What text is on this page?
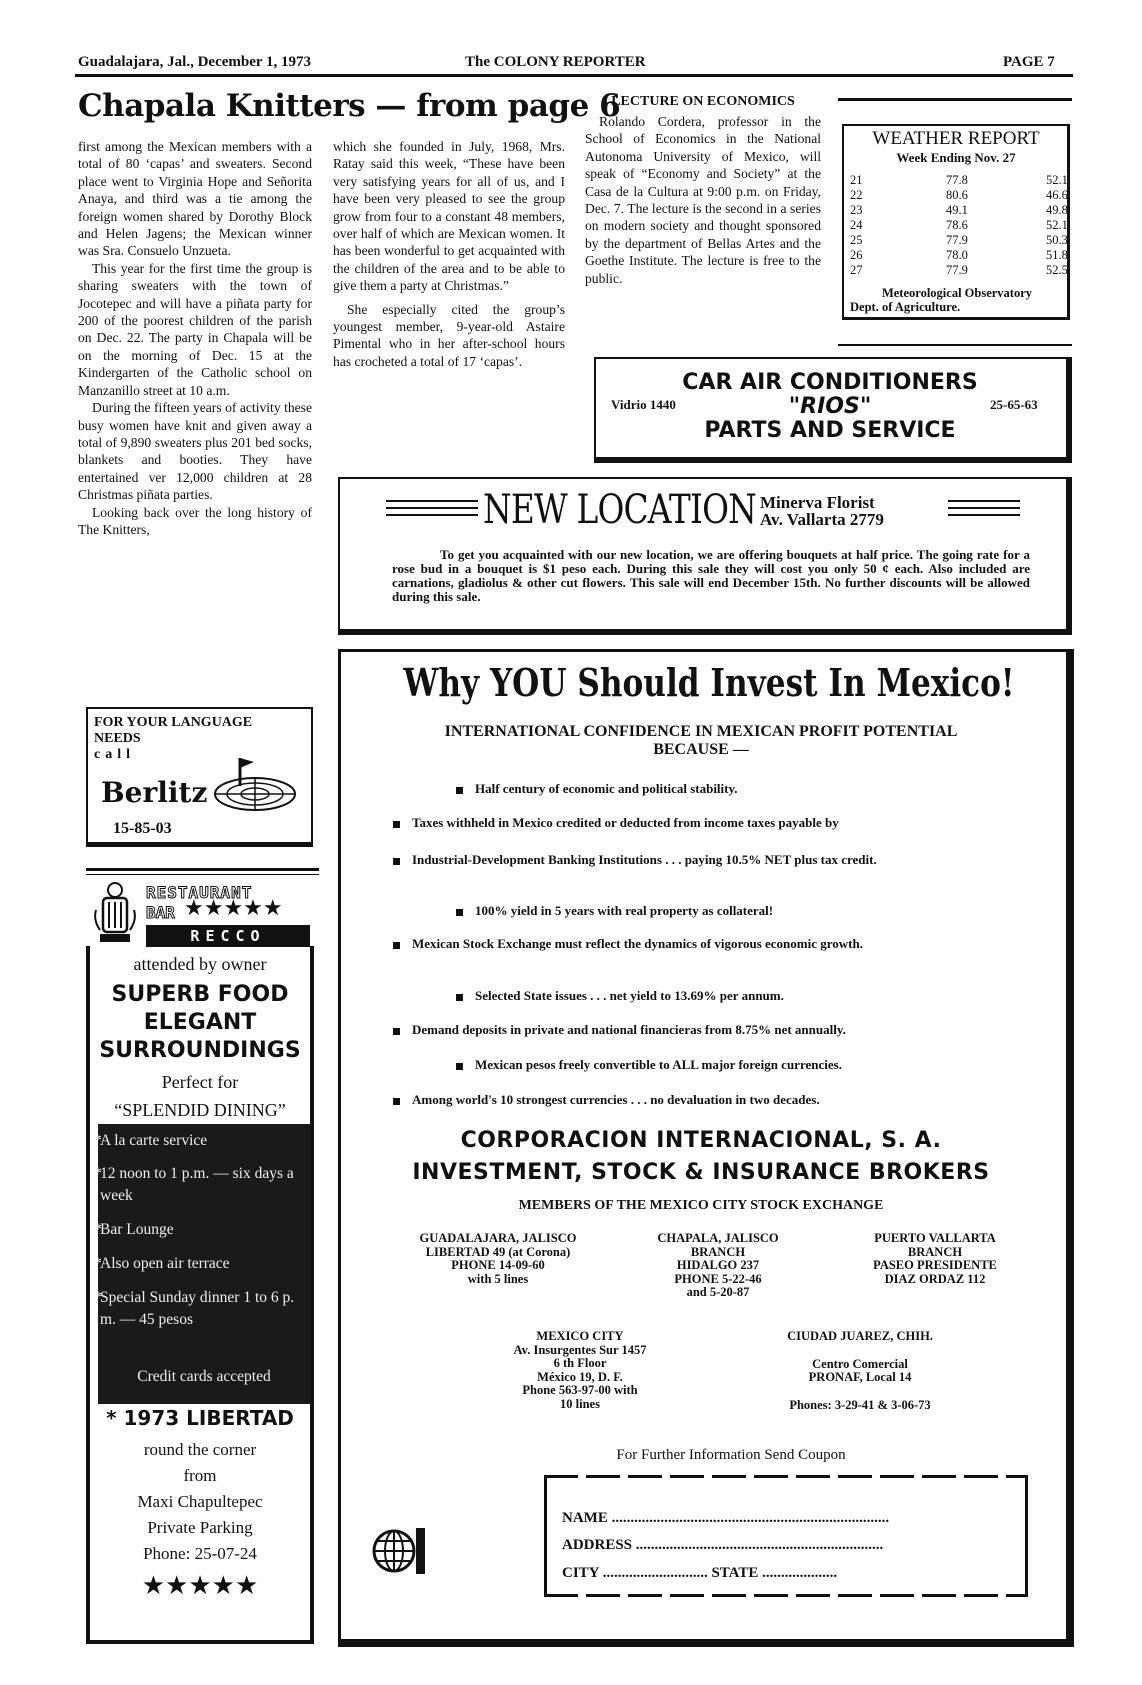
Guadalajara, Jal., December 1, 1973	The COLONY REPORTER	PAGE 7
Chapala Knitters — from page 6

first among the Mexican members with a total of 80 ‘capas’ and sweaters. Second place went to Virginia Hope and Señorita Anaya, and third was a tie among the foreign women shared by Dorothy Block and Helen Jagens; the Mexican winner was Sra. Consuelo Unzueta.

This year for the first time the group is sharing sweaters with the town of Jocotepec and will have a piñata party for 200 of the poorest children of the parish on Dec. 22. The party in Chapala will be on the morning of Dec. 15 at the Kindergarten of the Catholic school on Manzanillo street at 10 a.m.

During the fifteen years of activity these busy women have knit and given away a total of 9,890 sweaters plus 201 bed socks, blankets and booties. They have entertained ver 12,000 children at 28 Christmas piñata parties.

Looking back over the long history of The Knitters,

which she founded in July, 1968, Mrs. Ratay said this week, “These have been very satisfying years for all of us, and I have been very pleased to see the group grow from four to a constant 48 members, over half of which are Mexican women. It has been wonderful to get acquainted with the children of the area and to be able to give them a party at Christmas.”

She especially cited the group’s youngest member, 9-year-old Astaire Pimental who in her after-school hours has crocheted a total of 17 ‘capas’.

LECTURE ON ECONOMICS
Rolando Cordera, professor in the School of Economics in the National Autonoma University of Mexico, will speak of “Economy and Society” at the Casa de la Cultura at 9:00 p.m. on Friday, Dec. 7. The lecture is the second in a series on modern society and thought sponsored by the department of Bellas Artes and the Goethe Institute. The lecture is free to the public.
WEATHER REPORT
Week Ending Nov. 27
21	77.8	52.1
22	80.6	46.6
23	49.1	49.8
24	78.6	52.1
25	77.9	50.3
26	78.0	51.8
27	77.9	52.5
Meteorological Observatory
Dept. of Agriculture.
CAR AIR CONDITIONERS
Vidrio 1440	"RIOS"	25-65-63
PARTS AND SERVICE
NEW LOCATION Minerva Florist
Av. Vallarta 2779
To get you acquainted with our new location, we are offering bouquets at half price. The going rate for a rose bud in a bouquet is $1 peso each. During this sale they will cost you only 50 ¢ each. Also included are carnations, gladiolus & other cut flowers. This sale will end December 15th. No further discounts will be allowed during this sale.
FOR YOUR LANGUAGE
NEEDS
call
Berlitz
15-85-03
RESTAURANT
BAR ★★★★★
RECCO
attended by owner
SUPERB FOOD
ELEGANT
SURROUNDINGS
Perfect for
“SPLENDID DINING”
*
A la carte service
*
12 noon to 1 p.m. — six days a week
*
Bar Lounge
*
Also open air terrace
*
Special Sunday dinner 1 to 6 p. m. — 45 pesos
Credit cards accepted
* 1973 LIBERTAD
round the corner
from
Maxi Chapultepec
Private Parking
Phone: 25-07-24
★★★★★
Why YOU Should Invest In Mexico!
INTERNATIONAL CONFIDENCE IN MEXICAN PROFIT POTENTIAL
BECAUSE —
Half century of economic and political stability.
Taxes withheld in Mexico credited or deducted from income taxes payable by
Industrial-Development Banking Institutions . . . paying 10.5% NET plus tax credit.
100% yield in 5 years with real property as collateral!
Mexican Stock Exchange must reflect the dynamics of vigorous economic growth.
Selected State issues . . . net yield to 13.69% per annum.
Demand deposits in private and national financieras from 8.75% net annually.
Mexican pesos freely convertible to ALL major foreign currencies.
Among world's 10 strongest currencies . . . no devaluation in two decades.
CORPORACION INTERNACIONAL, S. A.
INVESTMENT, STOCK & INSURANCE BROKERS
MEMBERS OF THE MEXICO CITY STOCK EXCHANGE
GUADALAJARA, JALISCO
LIBERTAD 49 (at Corona)
PHONE 14-09-60
with 5 lines
CHAPALA, JALISCO
BRANCH
HIDALGO 237
PHONE 5-22-46
and 5-20-87
PUERTO VALLARTA
BRANCH
PASEO PRESIDENTE
DIAZ ORDAZ 112
MEXICO CITY
Av. Insurgentes Sur 1457
6 th Floor
México 19, D. F.
Phone 563-97-00 with
10 lines
CIUDAD JUAREZ, CHIH.
Centro Comercial
PRONAF, Local 14
Phones: 3-29-41 & 3-06-73
For Further Information Send Coupon
NAME ..........................................................................
ADDRESS ..................................................................
CITY ............................ STATE ....................
